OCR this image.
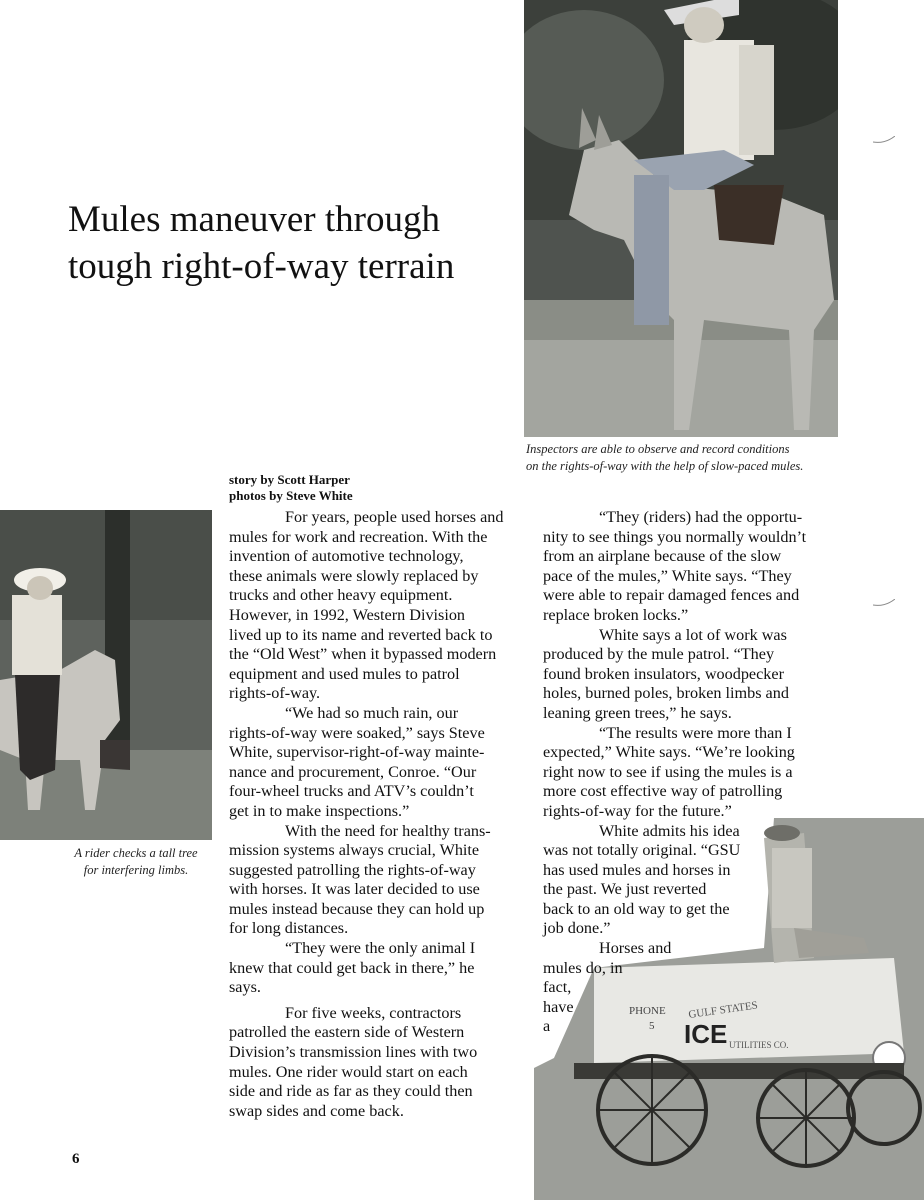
Mules maneuver through
tough right-of-way terrain
Inspectors are able to observe and record conditions
on the rights-of-way with the help of slow-paced mules.
story by Scott Harper
photos by Steve White
A rider checks a tall tree
for interfering limbs.

For years, people used horses and

mules for work and recreation. With the

invention of automotive technology,

these animals were slowly replaced by

trucks and other heavy equipment.

However, in 1992, Western Division

lived up to its name and reverted back to

the “Old West” when it bypassed modern

equipment and used mules to patrol

rights-of-way.

“We had so much rain, our

rights-of-way were soaked,” says Steve

White, supervisor-right-of-way mainte-

nance and procurement, Conroe. “Our

four-wheel trucks and ATV’s couldn’t

get in to make inspections.”

With the need for healthy trans-

mission systems always crucial, White

suggested patrolling the rights-of-way

with horses. It was later decided to use

mules instead because they can hold up

for long distances.

“They were the only animal I

knew that could get back in there,” he

says.

For five weeks, contractors

patrolled the eastern side of Western

Division’s transmission lines with two

mules. One rider would start on each

side and ride as far as they could then

swap sides and come back.

PHONE
5
GULF STATES
ICE UTILITIES CO.

“They (riders) had the opportu-

nity to see things you normally wouldn’t

from an airplane because of the slow

pace of the mules,” White says. “They

were able to repair damaged fences and

replace broken locks.”

White says a lot of work was

produced by the mule patrol. “They

found broken insulators, woodpecker

holes, burned poles, broken limbs and

leaning green trees,” he says.

“The results were more than I

expected,” White says. “We’re looking

right now to see if using the mules is a

more cost effective way of patrolling

rights-of-way for the future.”

White admits his idea

was not totally original. “GSU

has used mules and horses in

the past. We just reverted

back to an old way to get the

job done.”

Horses and

mules do, in

fact,

have

a

6
